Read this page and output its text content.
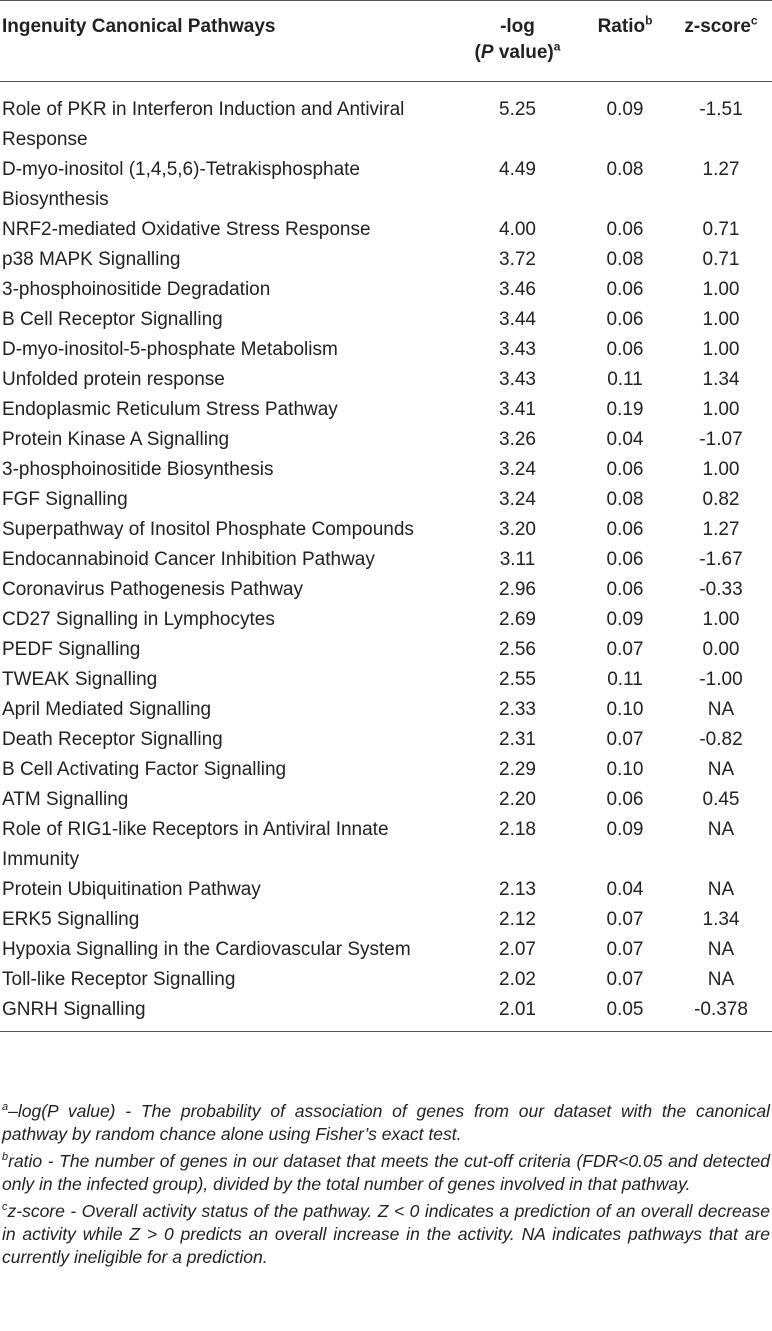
Ingenuity Canonical Pathways	-log
(P value)$^a$	Ratio$^b$	z-score$^c$
Role of PKR in Interferon Induction and Antiviral Response	5.25	0.09	-1.51
D-myo-inositol (1,4,5,6)-Tetrakisphosphate Biosynthesis	4.49	0.08	1.27
NRF2-mediated Oxidative Stress Response	4.00	0.06	0.71
p38 MAPK Signalling	3.72	0.08	0.71
3-phosphoinositide Degradation	3.46	0.06	1.00
B Cell Receptor Signalling	3.44	0.06	1.00
D-myo-inositol-5-phosphate Metabolism	3.43	0.06	1.00
Unfolded protein response	3.43	0.11	1.34
Endoplasmic Reticulum Stress Pathway	3.41	0.19	1.00
Protein Kinase A Signalling	3.26	0.04	-1.07
3-phosphoinositide Biosynthesis	3.24	0.06	1.00
FGF Signalling	3.24	0.08	0.82
Superpathway of Inositol Phosphate Compounds	3.20	0.06	1.27
Endocannabinoid Cancer Inhibition Pathway	3.11	0.06	-1.67
Coronavirus Pathogenesis Pathway	2.96	0.06	-0.33
CD27 Signalling in Lymphocytes	2.69	0.09	1.00
PEDF Signalling	2.56	0.07	0.00
TWEAK Signalling	2.55	0.11	-1.00
April Mediated Signalling	2.33	0.10	NA
Death Receptor Signalling	2.31	0.07	-0.82
B Cell Activating Factor Signalling	2.29	0.10	NA
ATM Signalling	2.20	0.06	0.45
Role of RIG1-like Receptors in Antiviral Innate Immunity	2.18	0.09	NA
Protein Ubiquitination Pathway	2.13	0.04	NA
ERK5 Signalling	2.12	0.07	1.34
Hypoxia Signalling in the Cardiovascular System	2.07	0.07	NA
Toll-like Receptor Signalling	2.02	0.07	NA
GNRH Signalling	2.01	0.05	-0.378
$^a$–log(P value) - The probability of association of genes from our dataset with the canonical pathway by random chance alone using Fisher’s exact test.
$^b$ratio - The number of genes in our dataset that meets the cut-off criteria (FDR<0.05 and detected only in the infected group), divided by the total number of genes involved in that pathway.
$^c$z-score - Overall activity status of the pathway. Z < 0 indicates a prediction of an overall decrease in activity while Z > 0 predicts an overall increase in the activity. NA indicates pathways that are currently ineligible for a prediction.
